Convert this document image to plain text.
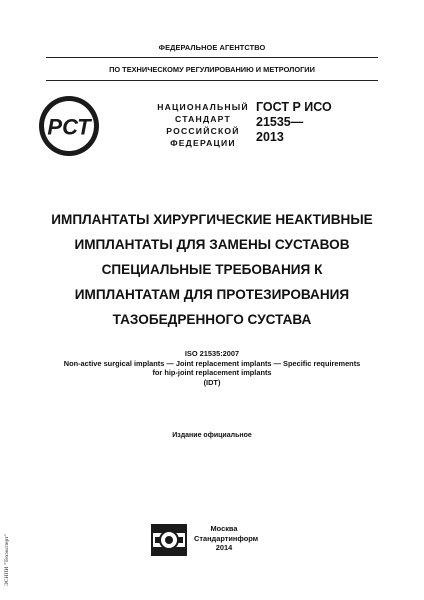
ФЕДЕРАЛЬНОЕ АГЕНТСТВО
ПО ТЕХНИЧЕСКОМУ РЕГУЛИРОВАНИЮ И МЕТРОЛОГИИ
РСТ
НАЦИОНАЛЬНЫЙ
СТАНДАРТ
РОССИЙСКОЙ
ФЕДЕРАЦИИ
ГОСТ Р ИСО
21535—
2013
ИМПЛАНТАТЫ ХИРУРГИЧЕСКИЕ НЕАКТИВНЫЕ
ИМПЛАНТАТЫ ДЛЯ ЗАМЕНЫ СУСТАВОВ
СПЕЦИАЛЬНЫЕ ТРЕБОВАНИЯ К
ИМПЛАНТАТАМ ДЛЯ ПРОТЕЗИРОВАНИЯ
ТАЗОБЕДРЕННОГО СУСТАВА
ISO 21535:2007
Non-active surgical implants — Joint replacement implants — Specific requirements
for hip-joint replacement implants
(IDT)
Издание официальное
Москва
Стандартинформ
2014
ЭСНПИ "Техэксперт"
